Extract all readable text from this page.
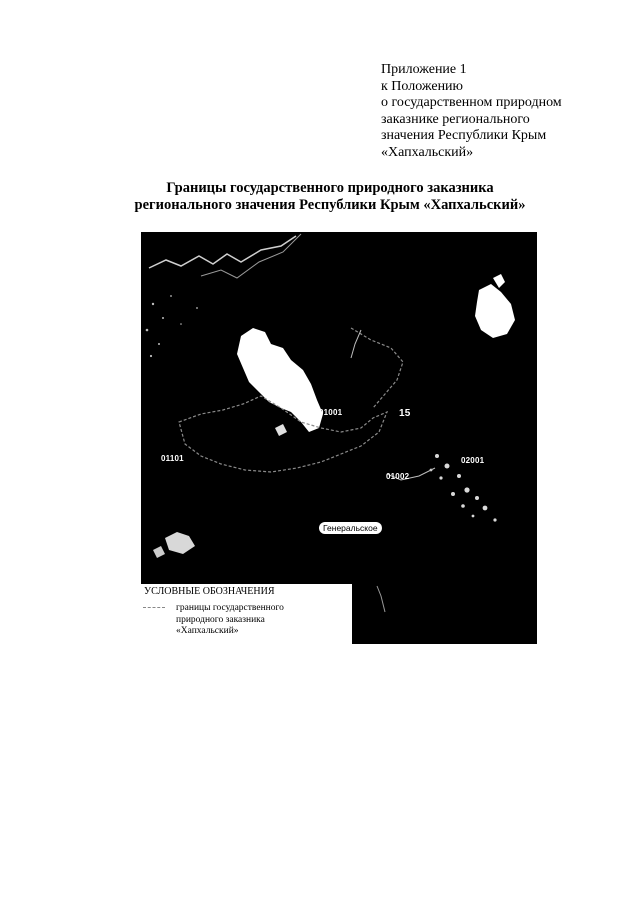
Приложение 1
к Положению
о государственном природном
заказнике регионального
значения Республики Крым
«Хапхальский»
Границы государственного природного заказника
регионального значения Республики Крым «Хапхальский»
01001	15
01002
02001
01101
Генеральское
УСЛОВНЫЕ ОБОЗНАЧЕНИЯ
границы государственного
природного заказника
«Хапхальский»
